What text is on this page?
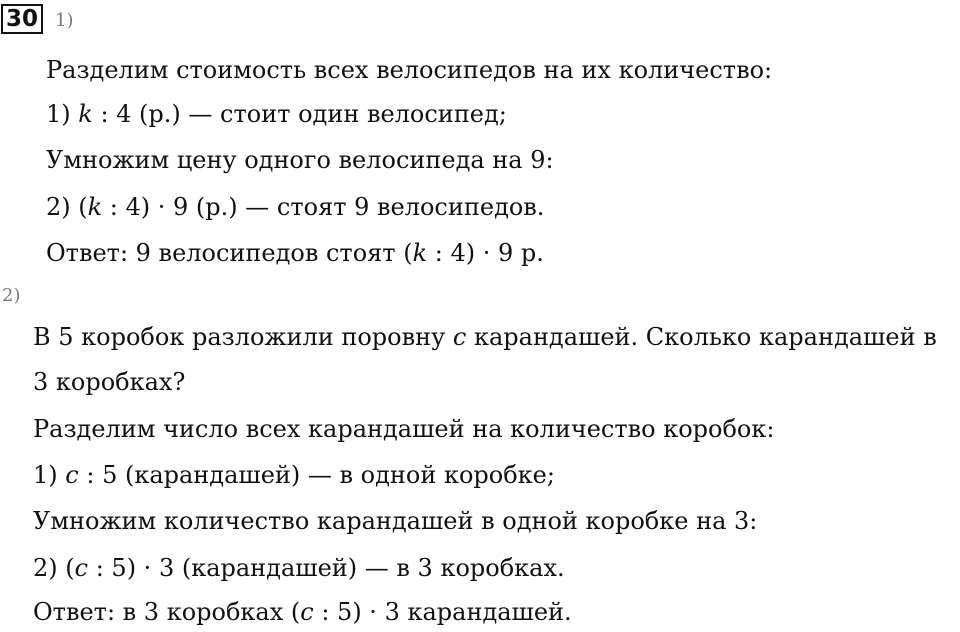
30 1)
Разделим стоимость всех велосипедов на их количество:
1) k : 4 (р.) — стоит один велосипед;
Умножим цену одного велосипеда на 9:
2) (k : 4) · 9 (р.) — стоят 9 велосипедов.
Ответ: 9 велосипедов стоят (k : 4) · 9 р.
2)
В 5 коробок разложили поровну c карандашей. Сколько карандашей в
3 коробках?
Разделим число всех карандашей на количество коробок:
1) c : 5 (карандашей) — в одной коробке;
Умножим количество карандашей в одной коробке на 3:
2) (c : 5) · 3 (карандашей) — в 3 коробках.
Ответ: в 3 коробках (c : 5) · 3 карандашей.
